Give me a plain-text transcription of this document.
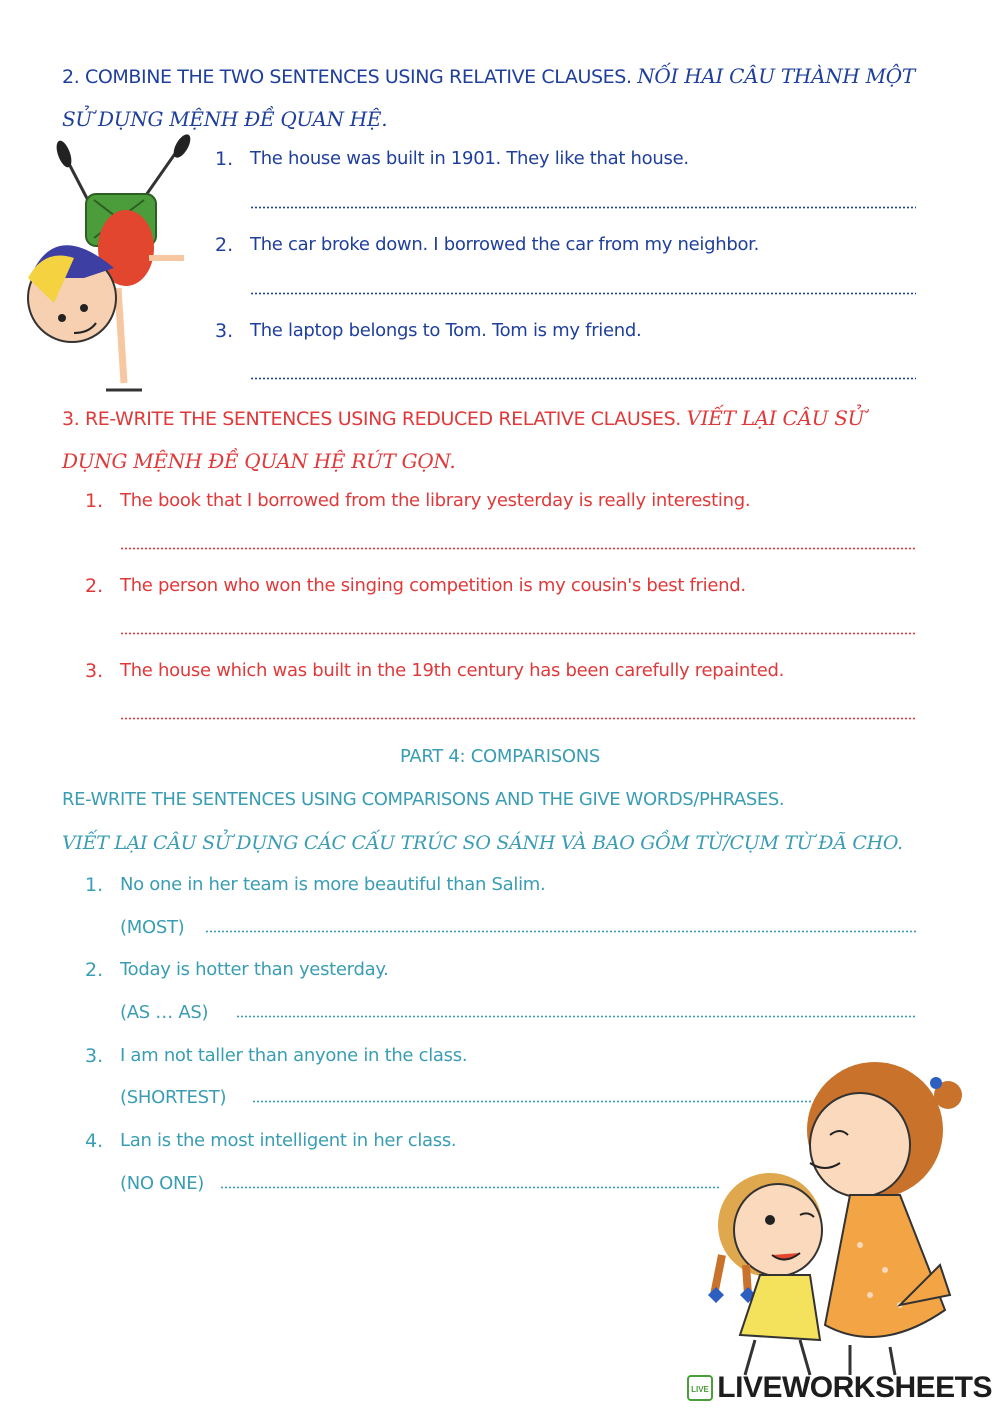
2. COMBINE THE TWO SENTENCES USING RELATIVE CLAUSES. NỐI HAI CÂU THÀNH MỘT
SỬ DỤNG MỆNH ĐỀ QUAN HỆ.
1. The house was built in 1901. They like that house.
2. The car broke down. I borrowed the car from my neighbor.
3. The laptop belongs to Tom. Tom is my friend.
3. RE-WRITE THE SENTENCES USING REDUCED RELATIVE CLAUSES. VIẾT LẠI CÂU SỬ
DỤNG MỆNH ĐỀ QUAN HỆ RÚT GỌN.
1. The book that I borrowed from the library yesterday is really interesting.
2. The person who won the singing competition is my cousin's best friend.
3. The house which was built in the 19th century has been carefully repainted.
PART 4: COMPARISONS
RE-WRITE THE SENTENCES USING COMPARISONS AND THE GIVE WORDS/PHRASES.
VIẾT LẠI CÂU SỬ DỤNG CÁC CẤU TRÚC SO SÁNH VÀ BAO GỒM TỪ/CỤM TỪ ĐÃ CHO.
1. No one in her team is more beautiful than Salim.
(MOST)
2. Today is hotter than yesterday.
(AS … AS)
3. I am not taller than anyone in the class.
(SHORTEST)
4. Lan is the most intelligent in her class.
(NO ONE)
LIVE LIVEWORKSHEETS
